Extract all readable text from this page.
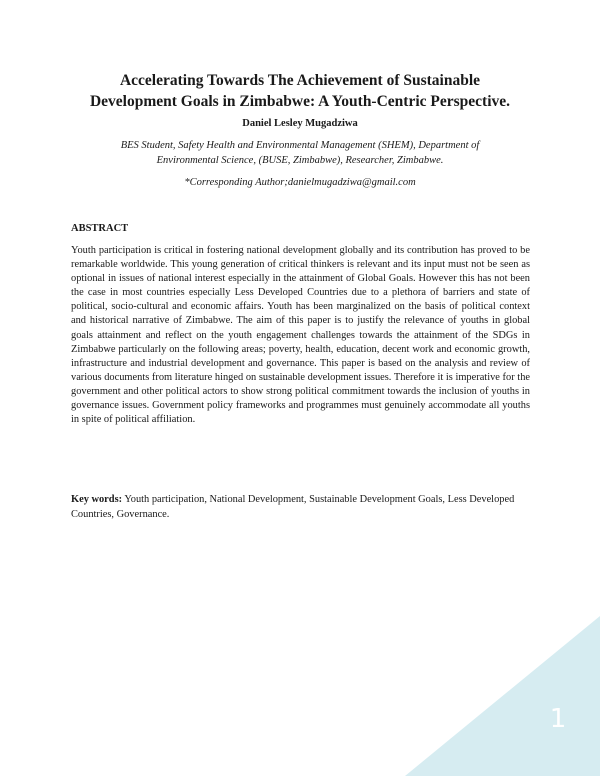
Accelerating Towards The Achievement of Sustainable
Development Goals in Zimbabwe: A Youth-Centric Perspective.

Daniel Lesley Mugadziwa

BES Student, Safety Health and Environmental Management (SHEM), Department of
Environmental Science, (BUSE, Zimbabwe), Researcher, Zimbabwe.

*Corresponding Author;danielmugadziwa@gmail.com

ABSTRACT

Youth participation is critical in fostering national development globally and its contribution has proved to be remarkable worldwide. This young generation of critical thinkers is relevant and its input must not be seen as optional in issues of national interest especially in the attainment of Global Goals. However this has not been the case in most countries especially Less Developed Countries due to a plethora of barriers and state of political, socio-cultural and economic affairs. Youth has been marginalized on the basis of political context and historical narrative of Zimbabwe. The aim of this paper is to justify the relevance of youths in global goals attainment and reflect on the youth engagement challenges towards the attainment of the SDGs in Zimbabwe particularly on the following areas; poverty, health, education, decent work and economic growth, infrastructure and industrial development and governance. This paper is based on the analysis and review of various documents from literature hinged on sustainable development issues. Therefore it is imperative for the government and other political actors to show strong political commitment towards the inclusion of youths in governance issues. Government policy frameworks and programmes must genuinely accommodate all youths in spite of political affiliation.

Key words: Youth participation, National Development, Sustainable Development Goals, Less Developed Countries, Governance.

1
